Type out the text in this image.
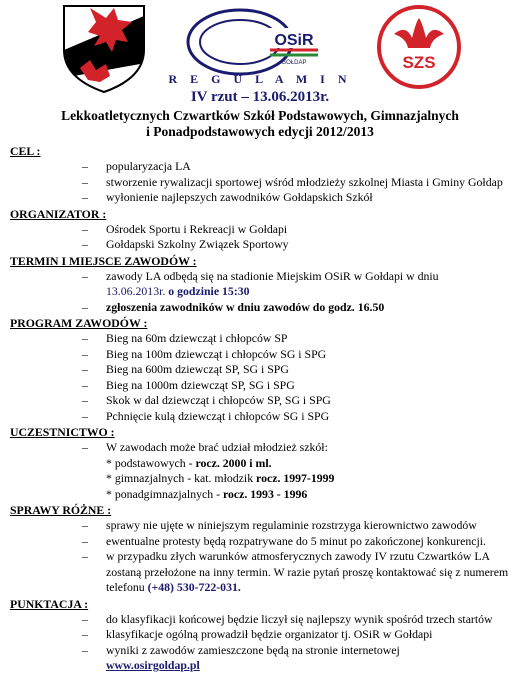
OSiR
GOŁDAP	SZS
R E G U L A M I N
IV rzut – 13.06.2013r.
Lekkoatletycznych Czwartków Szkół Podstawowych, Gimnazjalnych
i Ponadpodstawowych edycji 2012/2013

CEL :

– popularyzacja LA
– stworzenie rywalizacji sportowej wśród młodzieży szkolnej Miasta i Gminy Gołdap
– wyłonienie najlepszych zawodników Gołdapskich Szkół

ORGANIZATOR :

– Ośrodek Sportu i Rekreacji w Gołdapi
– Gołdapski Szkolny Związek Sportowy

TERMIN I MIEJSCE ZAWODÓW :

– zawody LA odbędą się na stadionie Miejskim OSiR w Gołdapi w dniu
13.06.2013r. o godzinie 15:30
– zgłoszenia zawodników w dniu zawodów do godz. 16.50

PROGRAM ZAWODÓW :

– Bieg na 60m dziewcząt i chłopców SP
– Bieg na 100m dziewcząt i chłopców SG i SPG
– Bieg na 600m dziewcząt SP, SG i SPG
– Bieg na 1000m dziewcząt SP, SG i SPG
– Skok w dal dziewcząt i chłopców SP, SG i SPG
– Pchnięcie kulą dziewcząt i chłopców SG i SPG

UCZESTNICTWO :

– W zawodach może brać udział młodzież szkół:
* podstawowych - rocz. 2000 i ml.
* gimnazjalnych - kat. młodzik rocz. 1997-1999
* ponadgimnazjalnych - rocz. 1993 - 1996

SPRAWY RÓŻNE :

– sprawy nie ujęte w niniejszym regulaminie rozstrzyga kierownictwo zawodów
– ewentualne protesty będą rozpatrywane do 5 minut po zakończonej konkurencji.
– w przypadku złych warunków atmosferycznych zawody IV rzutu Czwartków LA zostaną przełożone na inny termin. W razie pytań proszę kontaktować się z numerem telefonu (+48) 530-722-031.

PUNKTACJA :

– do klasyfikacji końcowej będzie liczył się najlepszy wynik spośród trzech startów
– klasyfikacje ogólną prowadził będzie organizator tj. OSiR w Gołdapi
– wyniki z zawodów zamieszczone będą na stronie internetowej
www.osirgoldap.pl
